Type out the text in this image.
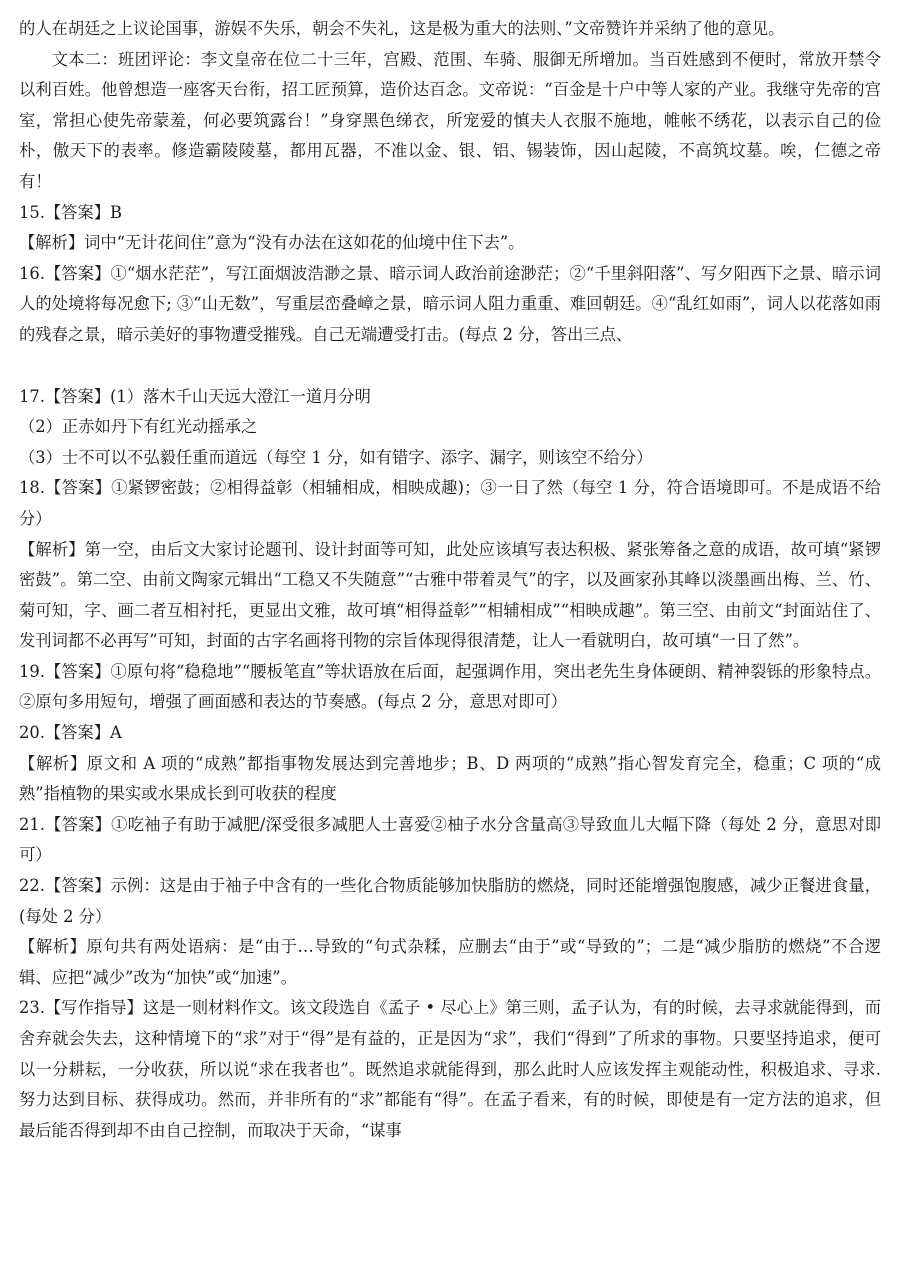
的人在胡廷之上议论国事，游娱不失乐，朝会不失礼，这是极为重大的法则、”文帝赞许并采纳了他的意见。

文本二：班团评论：李文皇帝在位二十三年，宫殿、范围、车骑、服御无所增加。当百姓感到不便时，常放开禁令以利百姓。他曾想造一座客天台衔，招工匠预算，造价达百念。文帝说：“百金是十户中等人家的产业。我继守先帝的宫室，常担心使先帝蒙羞，何必要筑露台！”身穿黑色绨衣，所宠爱的慎夫人衣服不施地，帷帐不绣花，以表示自己的俭朴，傲天下的表率。修造霸陵陵墓，都用瓦器，不准以金、银、铝、锡装饰，因山起陵，不高筑坟墓。唉，仁德之帝有！

15.【答案】B

【解析】词中“无计花间住”意为“没有办法在这如花的仙境中住下去”。

16.【答案】①“烟水茫茫”，写江面烟波浩渺之景、暗示词人政治前途渺茫；②“千里斜阳落”、写夕阳西下之景、暗示词人的处境将每况愈下; ③“山无数”，写重层峦叠嶂之景，暗示词人阻力重重、难回朝廷。④“乱红如雨”，词人以花落如雨的残春之景，暗示美好的事物遭受摧残。自己无端遭受打击。(每点 2 分，答出三点、

17.【答案】(1）落木千山天远大澄江一道月分明

（2）正赤如丹下有红光动摇承之

（3）士不可以不弘毅任重而道远（每空 1 分，如有错字、添字、漏字，则该空不给分）

18.【答案】①紧锣密鼓；②相得益彰（相辅相成，相映成趣)；③一日了然（每空 1 分，符合语境即可。不是成语不给分）

【解析】第一空，由后文大家讨论题刊、设计封面等可知，此处应该填写表达积极、紧张筹备之意的成语，故可填“紧锣密鼓”。第二空、由前文陶家元辑出“工稳又不失随意”“古雅中带着灵气”的字，以及画家孙其峰以淡墨画出梅、兰、竹、菊可知，字、画二者互相衬托，更显出文雅，故可填“相得益彰”“相辅相成”“相映成趣”。第三空、由前文“封面站住了、发刊词都不必再写”可知，封面的古字名画将刊物的宗旨体现得很清楚，让人一看就明白，故可填“一日了然”。

19.【答案】①原句将“稳稳地”“腰板笔直”等状语放在后面，起强调作用，突出老先生身体硬朗、精神裂铄的形象特点。②原句多用短句，增强了画面感和表达的节奏感。(每点 2 分，意思对即可）

20.【答案】A

【解析】原文和 A 项的“成熟”都指事物发展达到完善地步；B、D 两项的“成熟”指心智发育完全，稳重；C 项的“成熟”指植物的果实或水果成长到可收获的程度

21.【答案】①吃袖子有助于减肥/深受很多减肥人士喜爱②柚子水分含量高③导致血儿大幅下降（每处 2 分，意思对即可）

22.【答案】示例：这是由于袖子中含有的一些化合物质能够加快脂肪的燃烧，同时还能增强饱腹感，减少正餐进食量，(每处 2 分）

【解析】原句共有两处语病：是“由于…导致的“句式杂糅，应删去“由于”或“导致的”；二是“减少脂肪的燃烧”不合逻辑、应把“减少”改为“加快”或“加速”。

23.【写作指导】这是一则材料作文。该文段选自《孟子 • 尽心上》第三则，孟子认为，有的时候，去寻求就能得到，而舍弃就会失去，这种情境下的“求”对于“得”是有益的，正是因为“求”，我们“得到”了所求的事物。只要坚持追求，便可以一分耕耘，一分收获，所以说“求在我者也”。既然追求就能得到，那么此时人应该发挥主观能动性，积极追求、寻求.努力达到目标、获得成功。然而，并非所有的“求”都能有“得”。在孟子看来，有的时候，即使是有一定方法的追求，但最后能否得到却不由自己控制，而取决于天命，“谋事
